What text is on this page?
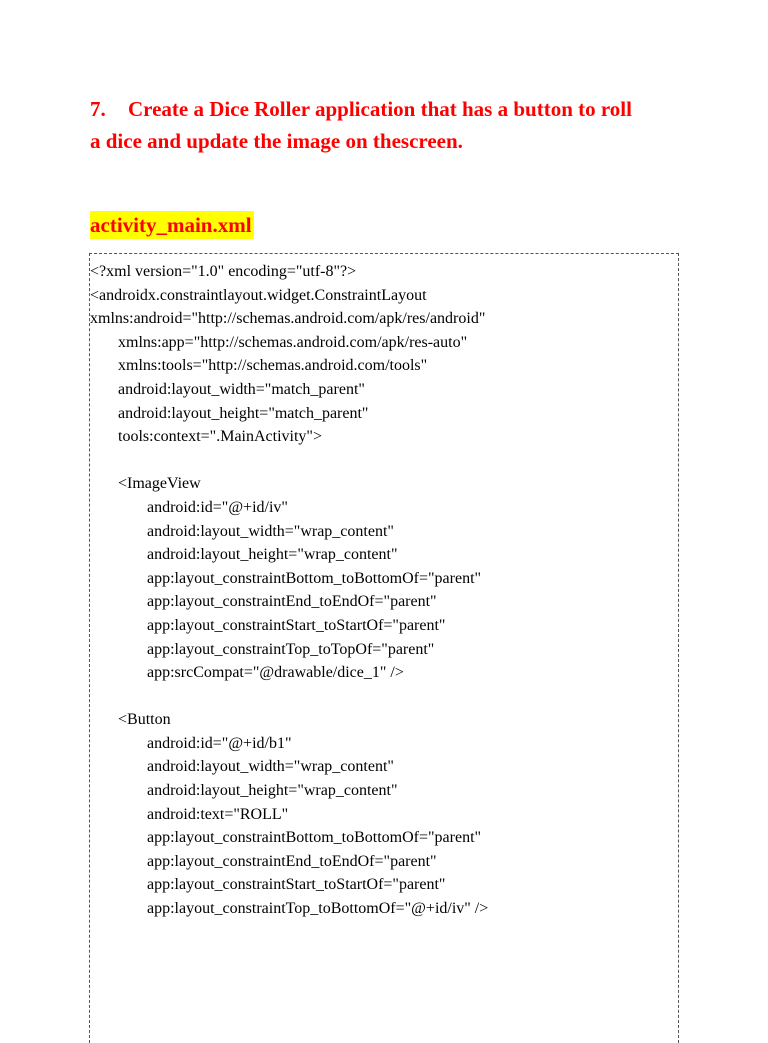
7. Create a Dice Roller application that has a button to roll
a dice and update the image on thescreen.
activity_main.xml
<?xml version="1.0" encoding="utf-8"?>
<androidx.constraintlayout.widget.ConstraintLayout
xmlns:android="http://schemas.android.com/apk/res/android"
xmlns:app="http://schemas.android.com/apk/res-auto"
xmlns:tools="http://schemas.android.com/tools"
android:layout_width="match_parent"
android:layout_height="match_parent"
tools:context=".MainActivity">
<ImageView
android:id="@+id/iv"
android:layout_width="wrap_content"
android:layout_height="wrap_content"
app:layout_constraintBottom_toBottomOf="parent"
app:layout_constraintEnd_toEndOf="parent"
app:layout_constraintStart_toStartOf="parent"
app:layout_constraintTop_toTopOf="parent"
app:srcCompat="@drawable/dice_1" />
<Button
android:id="@+id/b1"
android:layout_width="wrap_content"
android:layout_height="wrap_content"
android:text="ROLL"
app:layout_constraintBottom_toBottomOf="parent"
app:layout_constraintEnd_toEndOf="parent"
app:layout_constraintStart_toStartOf="parent"
app:layout_constraintTop_toBottomOf="@+id/iv" />
